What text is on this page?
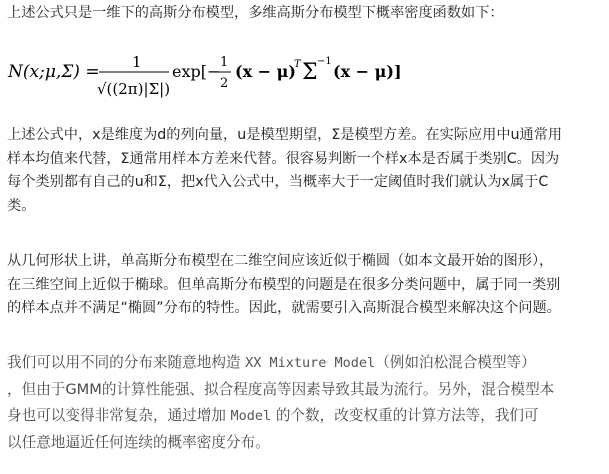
上述公式只是一维下的高斯分布模型，多维高斯分布模型下概率密度函数如下：

N(x;μ,Σ) = 1
√((2π)|Σ|)
exp[− 1
2
(x − μ)
T Σ −1
(x − μ)]

上述公式中，x是维度为d的列向量，u是模型期望，Σ是模型方差。在实际应用中u通常用
样本均值来代替，Σ通常用样本方差来代替。很容易判断一个样x本是否属于类别C。因为
每个类别都有自己的u和Σ，把x代入公式中，当概率大于一定阈值时我们就认为x属于C
类。

从几何形状上讲，单高斯分布模型在二维空间应该近似于椭圆（如本文最开始的图形），
在三维空间上近似于椭球。但单高斯分布模型的问题是在很多分类问题中，属于同一类别
的样本点并不满足“椭圆”分布的特性。因此，就需要引入高斯混合模型来解决这个问题。

我们可以用不同的分布来随意地构造 XX Mixture Model（例如泊松混合模型等）
，但由于GMM的计算性能强、拟合程度高等因素导致其最为流行。另外，混合模型本
身也可以变得非常复杂，通过增加 Model 的个数，改变权重的计算方法等，我们可
以任意地逼近任何连续的概率密度分布。
